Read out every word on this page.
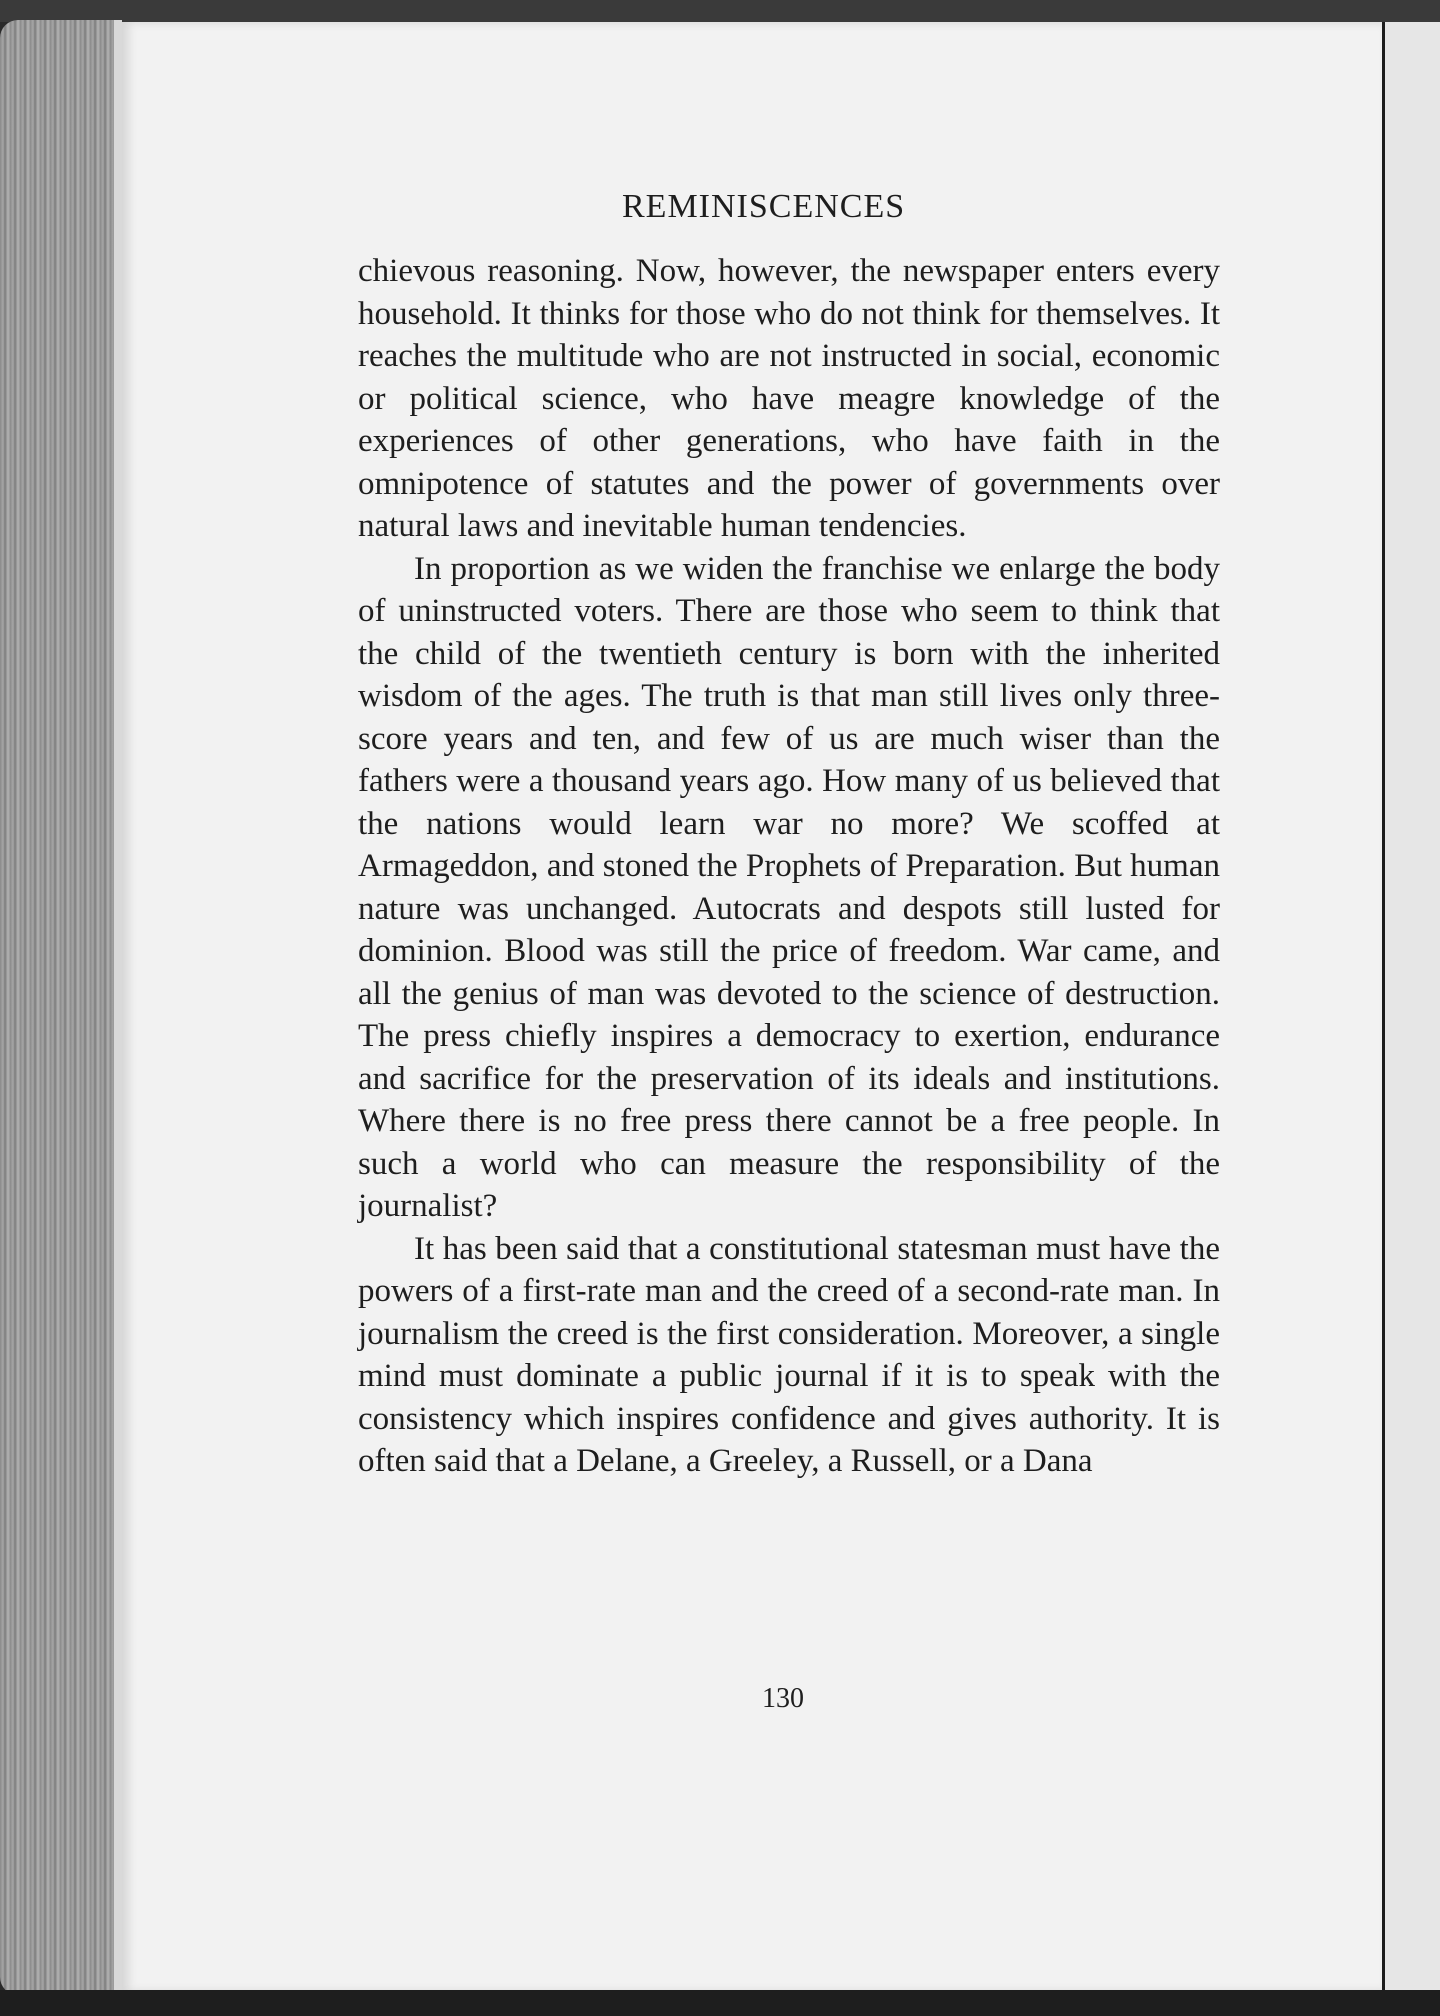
REMINISCENCES

chievous reasoning. Now, however, the newspaper enters every household. It thinks for those who do not think for themselves. It reaches the multitude who are not instructed in social, economic or political science, who have meagre knowledge of the experiences of other generations, who have faith in the omnipotence of statutes and the power of governments over natural laws and inevitable human tendencies.

In proportion as we widen the franchise we enlarge the body of uninstructed voters. There are those who seem to think that the child of the twentieth century is born with the inherited wisdom of the ages. The truth is that man still lives only three-score years and ten, and few of us are much wiser than the fathers were a thousand years ago. How many of us believed that the nations would learn war no more? We scoffed at Armageddon, and stoned the Prophets of Preparation. But human nature was unchanged. Autocrats and despots still lusted for dominion. Blood was still the price of freedom. War came, and all the genius of man was devoted to the science of destruction. The press chiefly inspires a democracy to exertion, endurance and sacrifice for the preservation of its ideals and institutions. Where there is no free press there cannot be a free people. In such a world who can measure the responsibility of the journalist?

It has been said that a constitutional statesman must have the powers of a first-rate man and the creed of a second-rate man. In journalism the creed is the first consideration. Moreover, a single mind must dominate a public journal if it is to speak with the consistency which inspires confidence and gives authority. It is often said that a Delane, a Greeley, a Russell, or a Dana

130
